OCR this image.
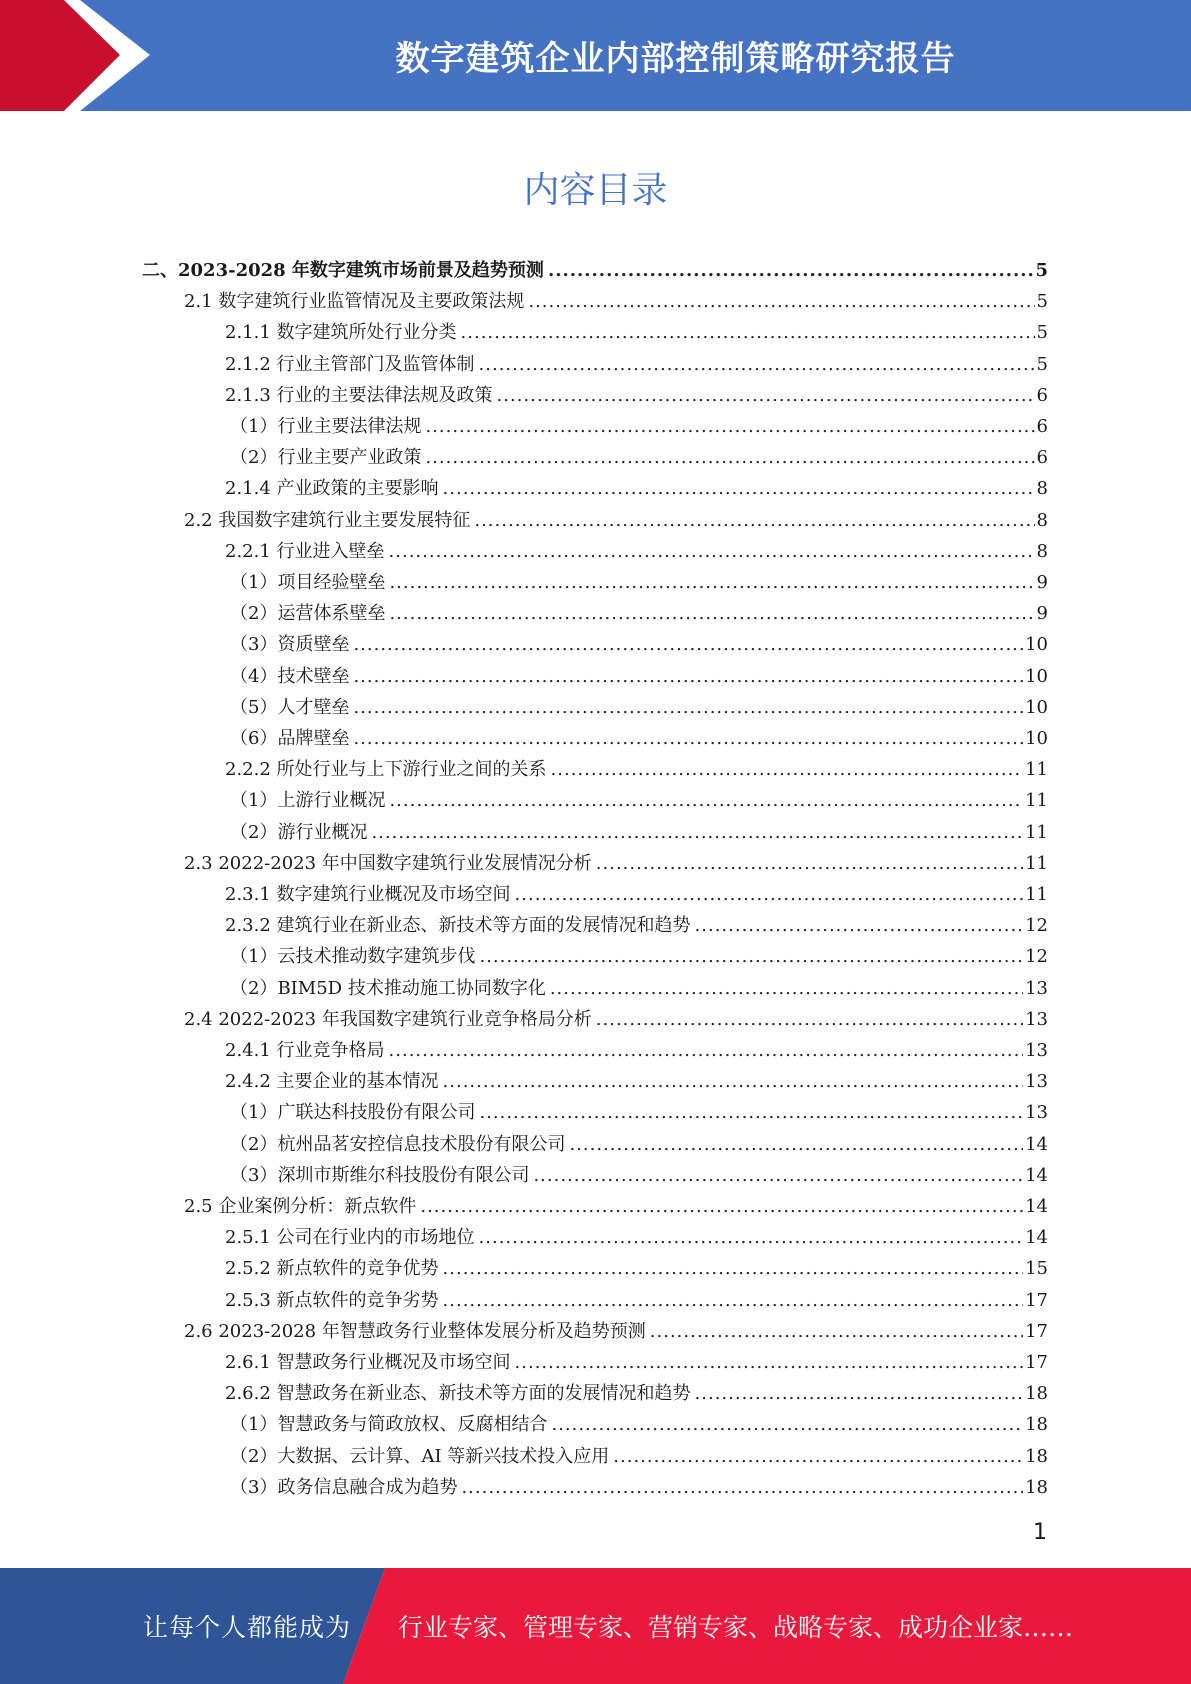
数字建筑企业内部控制策略研究报告
内容目录
二、2023-2028 年数字建筑市场前景及趋势预测 .....	5
2.1 数字建筑行业监管情况及主要政策法规 .....	5
2.1.1 数字建筑所处行业分类 .....	5
2.1.2 行业主管部门及监管体制 .....	5
2.1.3 行业的主要法律法规及政策 .....	6
（1）行业主要法律法规 .....	6
（2）行业主要产业政策 .....	6
2.1.4 产业政策的主要影响 .....	8
2.2 我国数字建筑行业主要发展特征 .....	8
2.2.1 行业进入壁垒 .....	8
（1）项目经验壁垒 .....	9
（2）运营体系壁垒 .....	9
（3）资质壁垒 .....	10
（4）技术壁垒 .....	10
（5）人才壁垒 .....	10
（6）品牌壁垒 .....	10
2.2.2 所处行业与上下游行业之间的关系 .....	11
（1）上游行业概况 .....	11
（2）游行业概况 .....	11
2.3 2022-2023 年中国数字建筑行业发展情况分析 .....	11
2.3.1 数字建筑行业概况及市场空间 .....	11
2.3.2 建筑行业在新业态、新技术等方面的发展情况和趋势 .....	12
（1）云技术推动数字建筑步伐 .....	12
（2）BIM5D 技术推动施工协同数字化 .....	13
2.4 2022-2023 年我国数字建筑行业竞争格局分析 .....	13
2.4.1 行业竞争格局 .....	13
2.4.2 主要企业的基本情况 .....	13
（1）广联达科技股份有限公司 .....	13
（2）杭州品茗安控信息技术股份有限公司 .....	14
（3）深圳市斯维尔科技股份有限公司 .....	14
2.5 企业案例分析：新点软件 .....	14
2.5.1 公司在行业内的市场地位 .....	14
2.5.2 新点软件的竞争优势 .....	15
2.5.3 新点软件的竞争劣势 .....	17
2.6 2023-2028 年智慧政务行业整体发展分析及趋势预测 .....	17
2.6.1 智慧政务行业概况及市场空间 .....	17
2.6.2 智慧政务在新业态、新技术等方面的发展情况和趋势 .....	18
（1）智慧政务与简政放权、反腐相结合 .....	18
（2）大数据、云计算、AI 等新兴技术投入应用 .....	18
（3）政务信息融合成为趋势 .....	18
1
让每个人都能成为 行业专家、管理专家、营销专家、战略专家、成功企业家……
